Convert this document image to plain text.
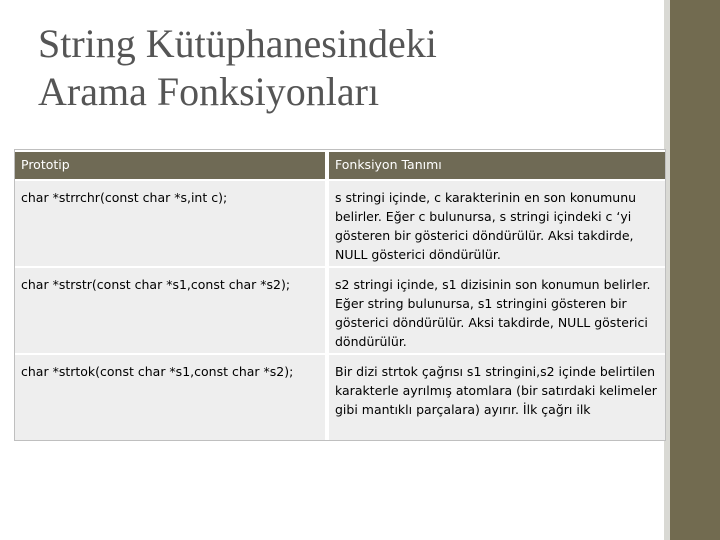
String Kütüphanesindeki
Arama Fonksiyonları
Prototip	Fonksiyon Tanımı
char *strrchr(const char *s,int c);	s stringi içinde, c karakterinin en son konumunu belirler. Eğer c bulunursa, s stringi içindeki c ‘yi gösteren bir gösterici döndürülür. Aksi takdirde, NULL gösterici döndürülür.
char *strstr(const char *s1,const char *s2);	s2 stringi içinde, s1 dizisinin son konumun belirler. Eğer string bulunursa, s1 stringini gösteren bir gösterici döndürülür. Aksi takdirde, NULL gösterici döndürülür.
char *strtok(const char *s1,const char *s2);	Bir dizi strtok çağrısı s1 stringini,s2 içinde belirtilen karakterle ayrılmış atomlara (bir satırdaki kelimeler gibi mantıklı parçalara) ayırır. İlk çağrı ilk
